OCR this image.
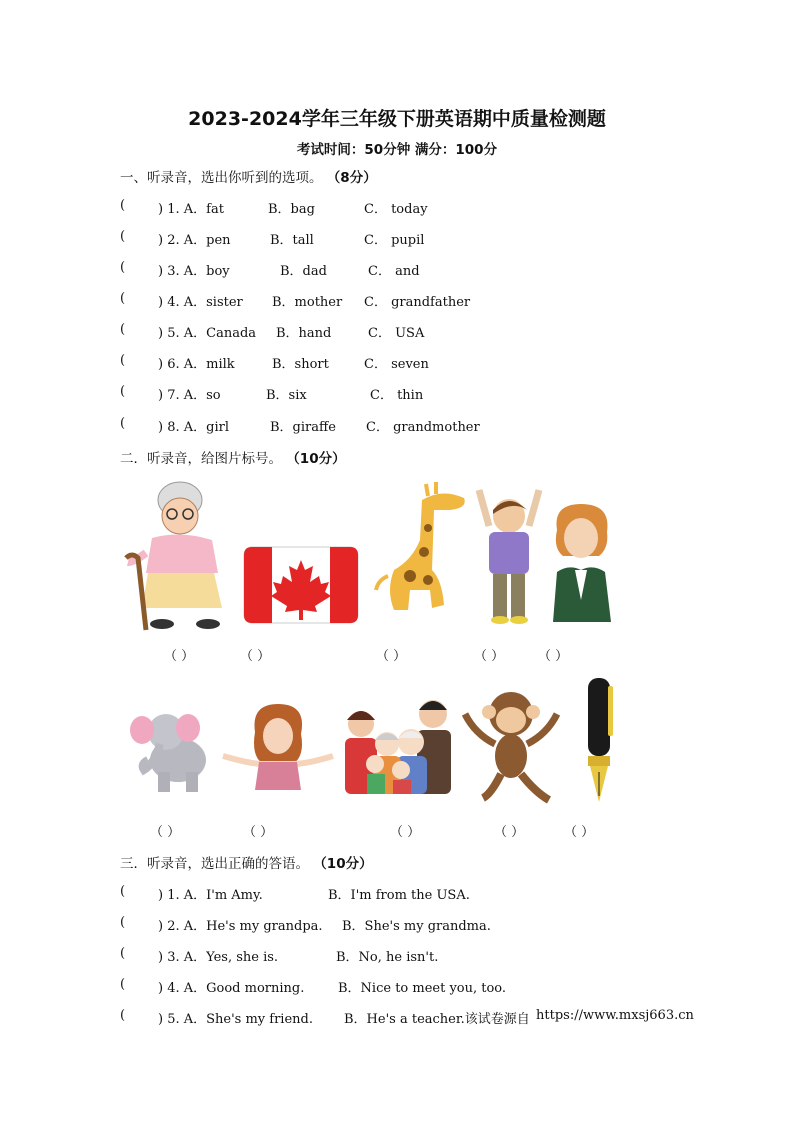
2023-2024学年三年级下册英语期中质量检测题
考试时间：50分钟 满分：100分
一、听录音，选出你听到的选项。 （8分）
(	) 1. A．fat	B．bag	C． today
(	) 2. A．pen	B．tall	C． pupil
(	) 3. A．boy	B．dad	C． and
(	) 4. A．sister B．mother C． grandfather
(	) 5. A．Canada B．hand	C． USA
(	) 6. A．milk	B．short	C． seven
(	) 7. A．so	B．six	C． thin
(	) 8. A．girl	B．giraffe C． grandmother
二．听录音，给图片标号。 （10分）
（ ）	（ ）	（ ）	（ ）	（ ）
（ ）	（ ）	（ ）	（ ）	（ ）
三．听录音，选出正确的答语。 （10分）
(	) 1. A．I'm Amy.	B．I'm from the USA.
(	) 2. A．He's my grandpa. B．She's my grandma.
(	) 3. A．Yes, she is.	B．No, he isn't.
(	) 4. A．Good morning.	B．Nice to meet you, too.
(	) 5. A．She's my friend. B．He's a teacher.该试卷源自 https://www.mxsj663.cn
